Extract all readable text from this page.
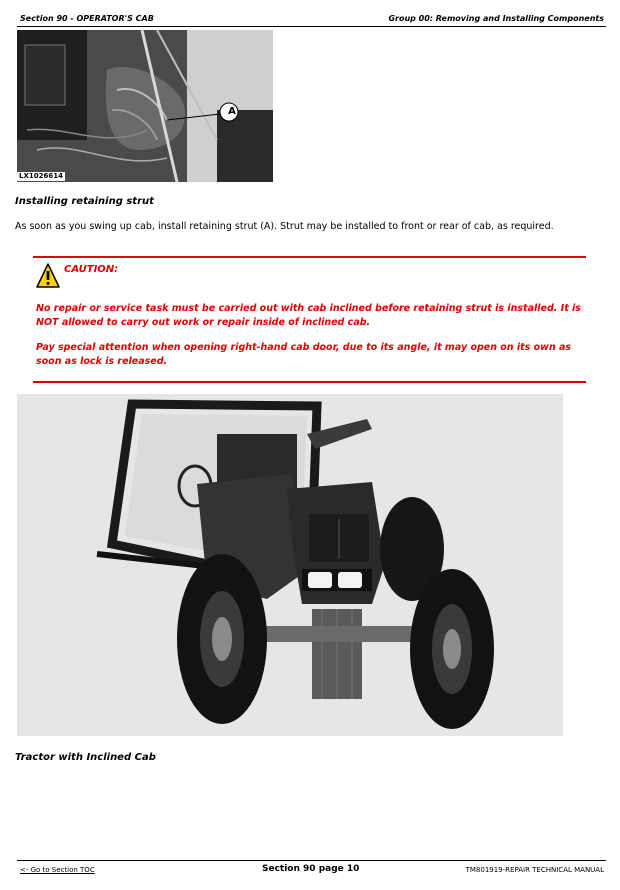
Section 90 - OPERATOR'S CAB	Group 00: Removing and Installing Components
A
LX1026614
Installing retaining strut
As soon as you swing up cab, install retaining strut (A). Strut may be installed to front or rear of cab, as required.
CAUTION:
No repair or service task must be carried out with cab inclined before retaining strut is installed. It is NOT allowed to carry out work or repair inside of inclined cab.
Pay special attention when opening right-hand cab door, due to its angle, it may open on its own as soon as lock is released.
Tractor with Inclined Cab
<- Go to Section TOC	Section 90 page 10	TM801919-REPAIR TECHNICAL MANUAL
